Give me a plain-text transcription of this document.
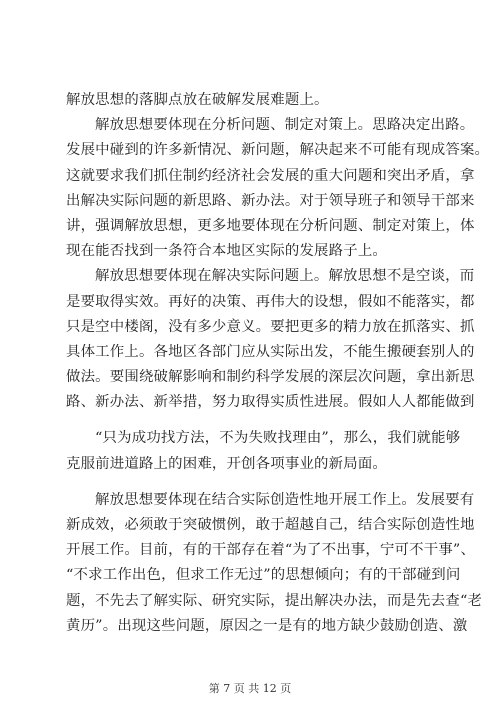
解放思想的落脚点放在破解发展难题上。
解放思想要体现在分析问题、制定对策上。思路决定出路。
发展中碰到的许多新情况、新问题，解决起来不可能有现成答案。
这就要求我们抓住制约经济社会发展的重大问题和突出矛盾，拿
出解决实际问题的新思路、新办法。对于领导班子和领导干部来
讲，强调解放思想，更多地要体现在分析问题、制定对策上，体
现在能否找到一条符合本地区实际的发展路子上。
解放思想要体现在解决实际问题上。解放思想不是空谈，而
是要取得实效。再好的决策、再伟大的设想，假如不能落实，都
只是空中楼阁，没有多少意义。要把更多的精力放在抓落实、抓
具体工作上。各地区各部门应从实际出发，不能生搬硬套别人的
做法。要围绕破解影响和制约科学发展的深层次问题，拿出新思
路、新办法、新举措，努力取得实质性进展。假如人人都能做到
“只为成功找方法，不为失败找理由”，那么，我们就能够
克服前进道路上的困难，开创各项事业的新局面。
解放思想要体现在结合实际创造性地开展工作上。发展要有
新成效，必须敢于突破惯例，敢于超越自己，结合实际创造性地
开展工作。目前，有的干部存在着“为了不出事，宁可不干事”、
“不求工作出色，但求工作无过”的思想倾向；有的干部碰到问
题，不先去了解实际、研究实际，提出解决办法，而是先去查“老
黄历”。出现这些问题，原因之一是有的地方缺少鼓励创造、激
第 7 页 共 12 页
